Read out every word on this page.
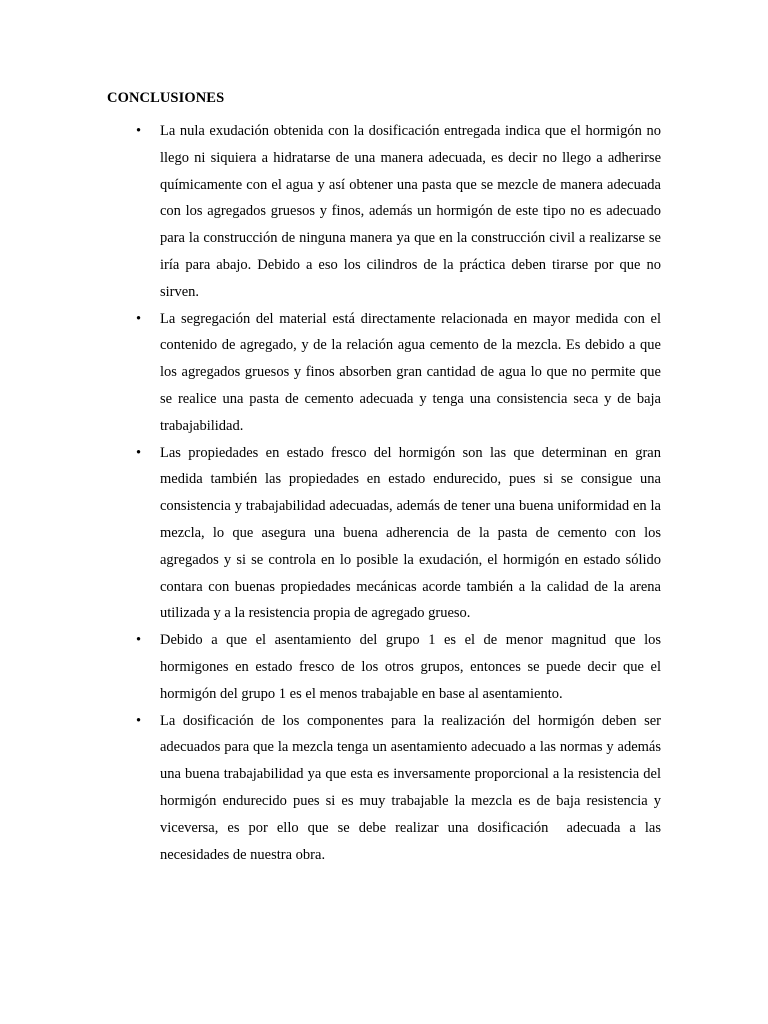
CONCLUSIONES
• La nula exudación obtenida con la dosificación entregada indica que el hormigón no llego ni siquiera a hidratarse de una manera adecuada, es decir no llego a adherirse químicamente con el agua y así obtener una pasta que se mezcle de manera adecuada con los agregados gruesos y finos, además un hormigón de este tipo no es adecuado para la construcción de ninguna manera ya que en la construcción civil a realizarse se iría para abajo. Debido a eso los cilindros de la práctica deben tirarse por que no sirven.
• La segregación del material está directamente relacionada en mayor medida con el contenido de agregado, y de la relación agua cemento de la mezcla. Es debido a que  los agregados gruesos y finos absorben gran cantidad de agua lo que no permite que se realice una pasta de cemento adecuada y tenga una consistencia seca y de baja trabajabilidad.
• Las propiedades en estado fresco del hormigón son las que determinan en gran medida también las propiedades en estado endurecido, pues si se consigue una consistencia y trabajabilidad adecuadas, además de tener una buena uniformidad en la mezcla, lo que asegura una buena adherencia de la pasta de cemento con los agregados y si se controla en lo posible la exudación, el hormigón en estado sólido contara con buenas propiedades mecánicas acorde también a la calidad de la arena utilizada y a la resistencia propia de agregado grueso.
• Debido a que el asentamiento del grupo 1 es el de menor magnitud que los hormigones en estado fresco de los otros grupos, entonces se puede decir que el hormigón del grupo 1 es el menos trabajable en base al asentamiento.
• La dosificación de los componentes para la realización del hormigón deben ser adecuados para que la mezcla tenga un asentamiento adecuado a las normas y además una buena trabajabilidad ya que esta es inversamente proporcional a la resistencia del hormigón endurecido pues si es muy trabajable la mezcla es de baja resistencia y viceversa, es por ello que se debe realizar una dosificación  adecuada a las necesidades de nuestra obra.
